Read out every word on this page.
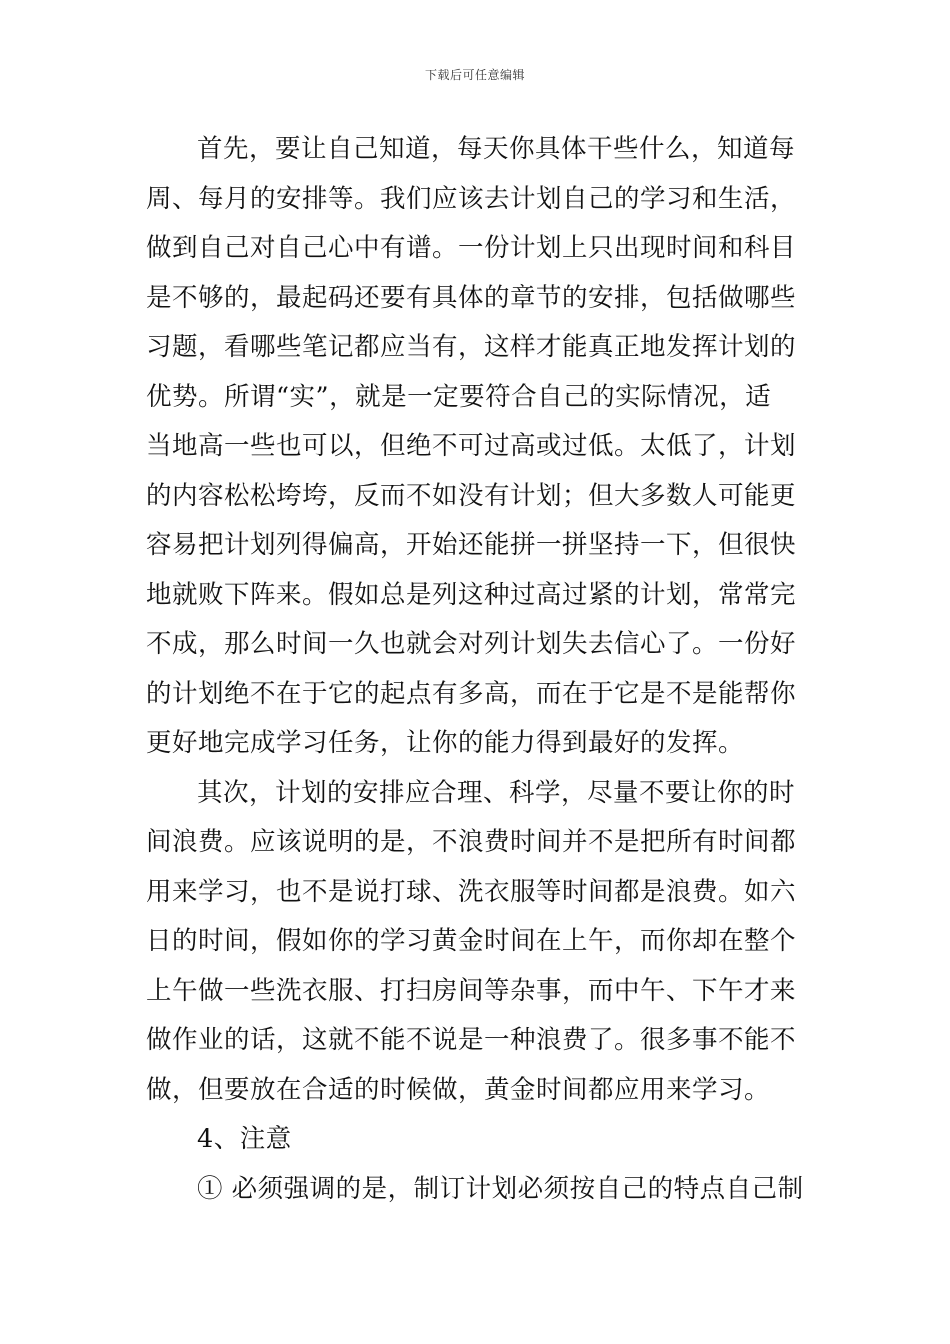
下载后可任意编辑
首先，要让自己知道，每天你具体干些什么，知道每
周、每月的安排等。我们应该去计划自己的学习和生活，
做到自己对自己心中有谱。一份计划上只出现时间和科目
是不够的，最起码还要有具体的章节的安排，包括做哪些
习题，看哪些笔记都应当有，这样才能真正地发挥计划的
优势。所谓“实”，就是一定要符合自己的实际情况，适
当地高一些也可以，但绝不可过高或过低。太低了，计划
的内容松松垮垮，反而不如没有计划；但大多数人可能更
容易把计划列得偏高，开始还能拼一拼坚持一下，但很快
地就败下阵来。假如总是列这种过高过紧的计划，常常完
不成，那么时间一久也就会对列计划失去信心了。一份好
的计划绝不在于它的起点有多高，而在于它是不是能帮你
更好地完成学习任务，让你的能力得到最好的发挥。
其次，计划的安排应合理、科学，尽量不要让你的时
间浪费。应该说明的是，不浪费时间并不是把所有时间都
用来学习，也不是说打球、洗衣服等时间都是浪费。如六
日的时间，假如你的学习黄金时间在上午，而你却在整个
上午做一些洗衣服、打扫房间等杂事，而中午、下午才来
做作业的话，这就不能不说是一种浪费了。很多事不能不
做，但要放在合适的时候做，黄金时间都应用来学习。
4、注意
① 必须强调的是，制订计划必须按自己的特点自己制
